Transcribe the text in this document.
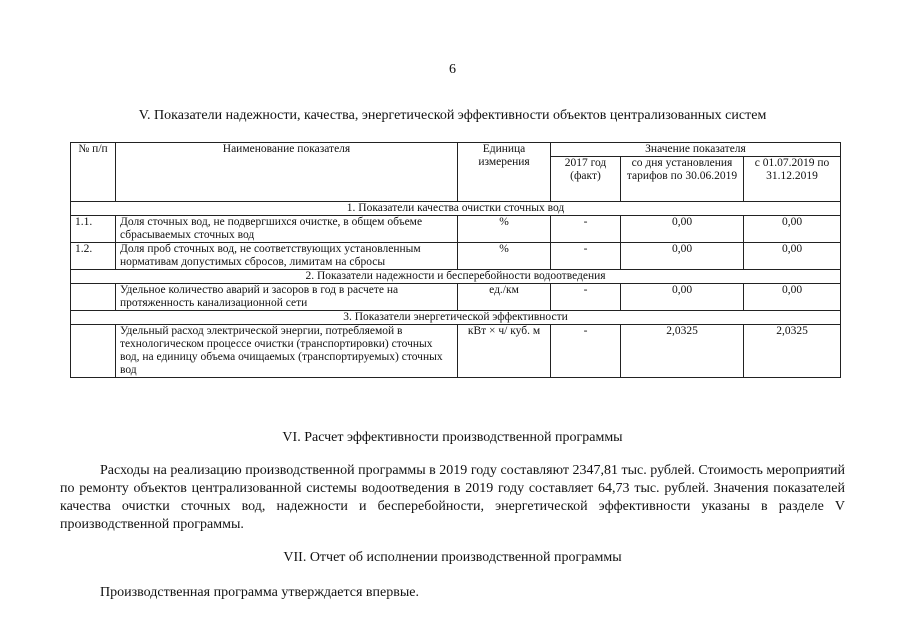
6
V. Показатели надежности, качества, энергетической эффективности объектов централизованных систем
№ п/п	Наименование показателя	Единица измерения	Значение показателя		
			2017 год (факт)	со дня установления тарифов по 30.06.2019	с 01.07.2019 по 31.12.2019
1. Показатели качества очистки сточных вод					
1.1.	Доля сточных вод, не подвергшихся очистке, в общем объеме сбрасываемых сточных вод	%	-	0,00	0,00
1.2.	Доля проб сточных вод, не соответствующих установленным нормативам допустимых сбросов, лимитам на сбросы	%	-	0,00	0,00
2. Показатели надежности и бесперебойности водоотведения					
	Удельное количество аварий и засоров в год в расчете на протяженность канализационной сети	ед./км	-	0,00	0,00
3. Показатели энергетической эффективности					
	Удельный расход электрической энергии, потребляемой в технологическом процессе очистки (транспортировки) сточных вод, на единицу объема очищаемых (транспортируемых) сточных вод	кВт × ч/ куб. м	-	2,0325	2,0325
VI. Расчет эффективности производственной программы

Расходы на реализацию производственной программы в 2019 году составляют 2347,81 тыс. рублей. Стоимость мероприятий по ремонту объектов централизованной системы водоотведения в 2019 году составляет 64,73 тыс. рублей. Значения показателей качества очистки сточных вод, надежности и бесперебойности, энергетической эффективности указаны в разделе V производственной программы.

VII. Отчет об исполнении производственной программы

Производственная программа утверждается впервые.
